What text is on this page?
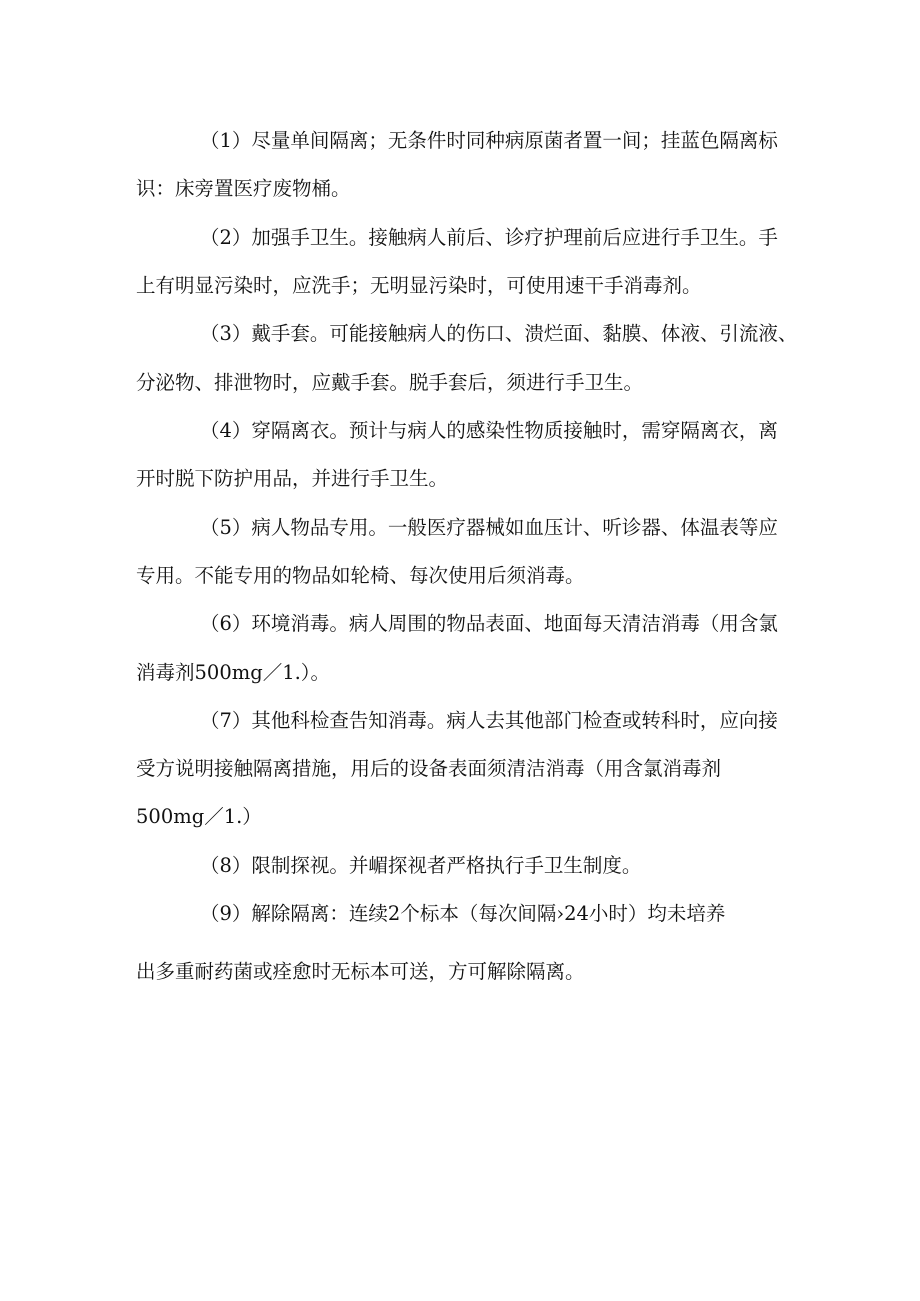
（1）尽量单间隔离；无条件时同种病原菌者置一间；挂蓝色隔离标
识：床旁置医疗废物桶。
（2）加强手卫生。接触病人前后、诊疗护理前后应进行手卫生。手
上有明显污染时，应洗手；无明显污染时，可使用速干手消毒剂。
（3）戴手套。可能接触病人的伤口、溃烂面、黏膜、体液、引流液、
分泌物、排泄物时，应戴手套。脱手套后，须进行手卫生。
（4）穿隔离衣。预计与病人的感染性物质接触时，需穿隔离衣，离
开时脱下防护用品，并进行手卫生。
（5）病人物品专用。一般医疗器械如血压计、听诊器、体温表等应
专用。不能专用的物品如轮椅、每次使用后须消毒。
（6）环境消毒。病人周围的物品表面、地面每天清洁消毒（用含氯
消毒剂500mg／1.）。
（7）其他科检查告知消毒。病人去其他部门检查或转科时，应向接
受方说明接触隔离措施，用后的设备表面须清洁消毒（用含氯消毒剂
500mg／1.）
（8）限制探视。并嵋探视者严格执行手卫生制度。
（9）解除隔离：连续2个标本（每次间隔›24小时）均未培养
出多重耐药菌或痊愈时无标本可送，方可解除隔离。
